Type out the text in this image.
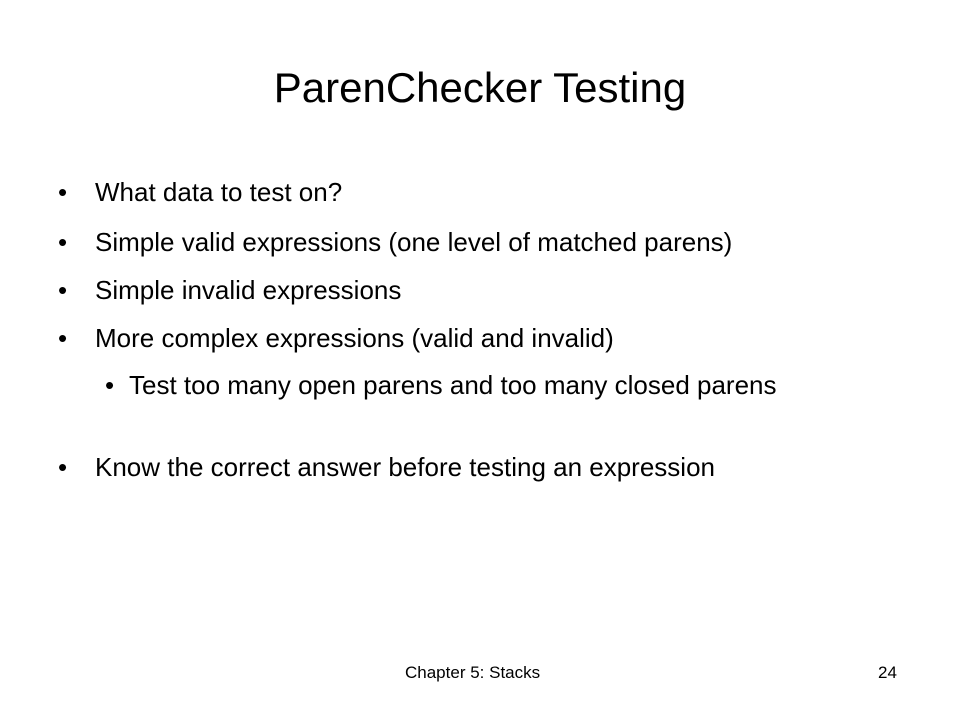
ParenChecker Testing
•	What data to test on?
•	Simple valid expressions (one level of matched parens)
•	Simple invalid expressions
•	More complex expressions (valid and invalid)
• Test too many open parens and too many closed parens
•	Know the correct answer before testing an expression
Chapter 5: Stacks	24
